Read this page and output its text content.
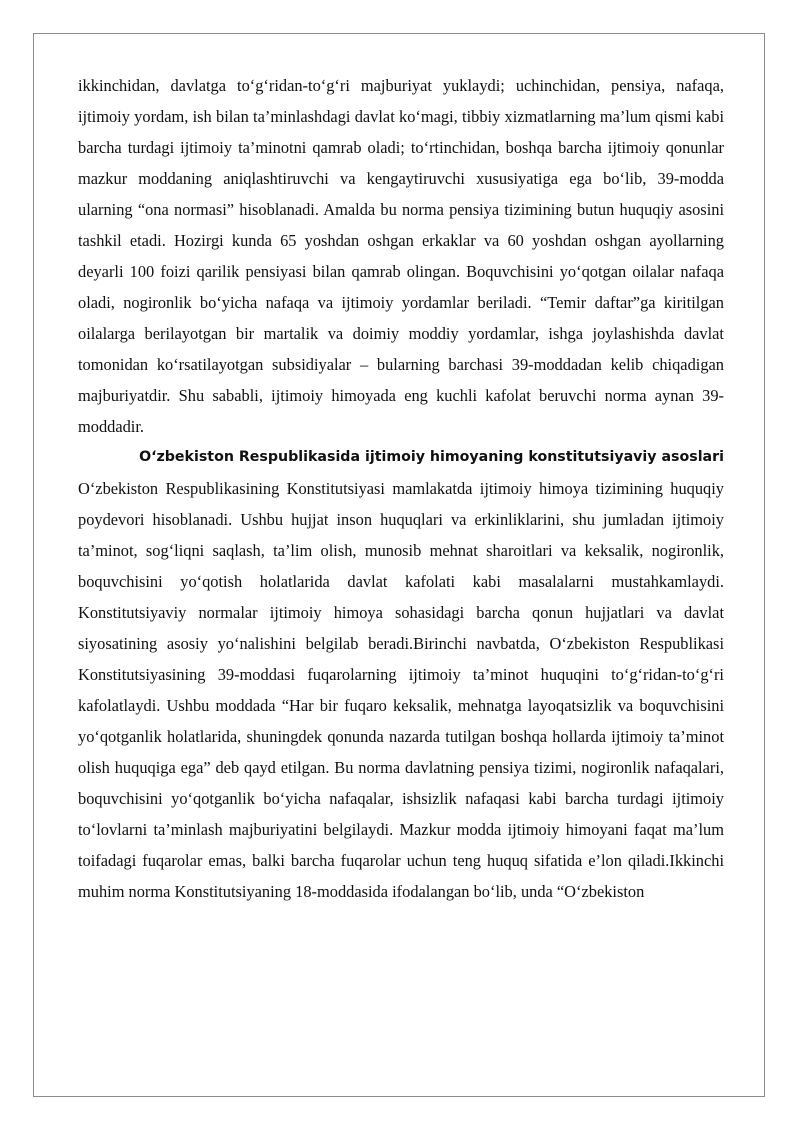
ikkinchidan, davlatga to‘g‘ridan-to‘g‘ri majburiyat yuklaydi; uchinchidan, pensiya, nafaqa, ijtimoiy yordam, ish bilan ta’minlashdagi davlat ko‘magi, tibbiy xizmatlarning ma’lum qismi kabi barcha turdagi ijtimoiy ta’minotni qamrab oladi; to‘rtinchidan, boshqa barcha ijtimoiy qonunlar mazkur moddaning aniqlashtiruvchi va kengaytiruvchi xususiyatiga ega bo‘lib, 39-modda ularning “ona normasi” hisoblanadi. Amalda bu norma pensiya tizimining butun huquqiy asosini tashkil etadi. Hozirgi kunda 65 yoshdan oshgan erkaklar va 60 yoshdan oshgan ayollarning deyarli 100 foizi qarilik pensiyasi bilan qamrab olingan. Boquvchisini yo‘qotgan oilalar nafaqa oladi, nogironlik bo‘yicha nafaqa va ijtimoiy yordamlar beriladi. “Temir daftar”ga kiritilgan oilalarga berilayotgan bir martalik va doimiy moddiy yordamlar, ishga joylashishda davlat tomonidan ko‘rsatilayotgan subsidiyalar – bularning barchasi 39-moddadan kelib chiqadigan majburiyatdir. Shu sababli, ijtimoiy himoyada eng kuchli kafolat beruvchi norma aynan 39-moddadir.

O‘zbekiston Respublikasida ijtimoiy himoyaning konstitutsiyaviy asoslari

O‘zbekiston Respublikasining Konstitutsiyasi mamlakatda ijtimoiy himoya tizimining huquqiy poydevori hisoblanadi. Ushbu hujjat inson huquqlari va erkinliklarini, shu jumladan ijtimoiy ta’minot, sog‘liqni saqlash, ta’lim olish, munosib mehnat sharoitlari va keksalik, nogironlik, boquvchisini yo‘qotish holatlarida davlat kafolati kabi masalalarni mustahkamlaydi. Konstitutsiyaviy normalar ijtimoiy himoya sohasidagi barcha qonun hujjatlari va davlat siyosatining asosiy yo‘nalishini belgilab beradi.Birinchi navbatda, O‘zbekiston Respublikasi Konstitutsiyasining 39-moddasi fuqarolarning ijtimoiy ta’minot huquqini to‘g‘ridan-to‘g‘ri kafolatlaydi. Ushbu moddada “Har bir fuqaro keksalik, mehnatga layoqatsizlik va boquvchisini yo‘qotganlik holatlarida, shuningdek qonunda nazarda tutilgan boshqa hollarda ijtimoiy ta’minot olish huquqiga ega” deb qayd etilgan. Bu norma davlatning pensiya tizimi, nogironlik nafaqalari, boquvchisini yo‘qotganlik bo‘yicha nafaqalar, ishsizlik nafaqasi kabi barcha turdagi ijtimoiy to‘lovlarni ta’minlash majburiyatini belgilaydi. Mazkur modda ijtimoiy himoyani faqat ma’lum toifadagi fuqarolar emas, balki barcha fuqarolar uchun teng huquq sifatida e’lon qiladi.Ikkinchi muhim norma Konstitutsiyaning 18-moddasida ifodalangan bo‘lib, unda “O‘zbekiston
